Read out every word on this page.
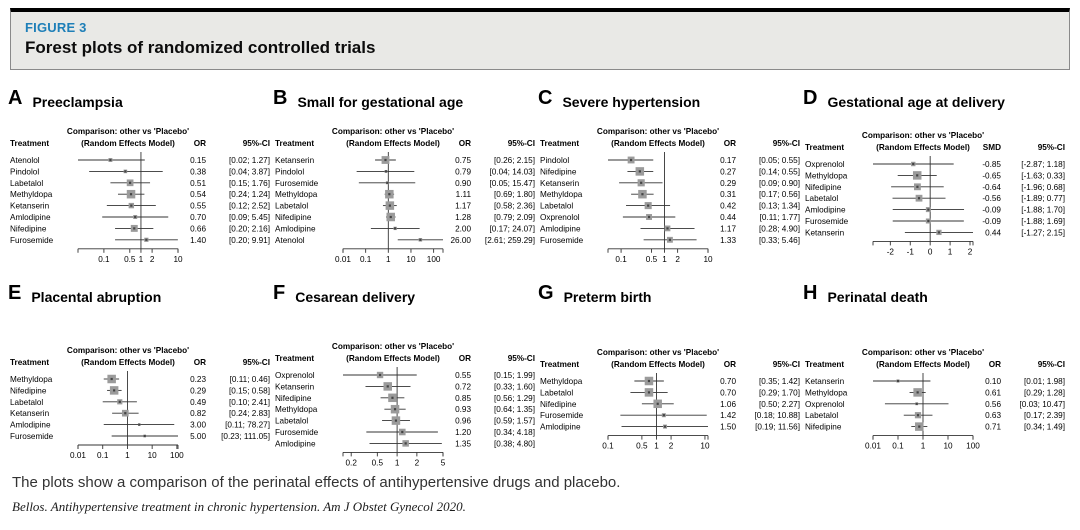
FIGURE 3
Forest plots of randomized controlled trials
A Preeclampsia
Comparison: other vs 'Placebo'
Treatment	(Random Effects Model) OR	95%-CI
Atenolol	0.15	[0.02; 1.27]
Pindolol	0.38	[0.04; 3.87]
Labetalol	0.51	[0.15; 1.76]
Methyldopa	0.54	[0.24; 1.24]
Ketanserin	0.55	[0.12; 2.52]
Amlodipine	0.70	[0.09; 5.45]
Nifedipine	0.66	[0.20; 2.16]
Furosemide	1.40	[0.20; 9.91]
0.1 0.5 1 2 10
B Small for gestational age
Comparison: other vs 'Placebo'
Treatment	(Random Effects Model) OR	95%-CI
Ketanserin	0.75	[0.26; 2.15]
Pindolol	0.79 [0.04; 14.03]
Furosemide	0.90 [0.05; 15.47]
Methyldopa	1.11	[0.69; 1.80]
Labetalol	1.17	[0.58; 2.36]
Nifedipine	1.28	[0.79; 2.09]
Amlodipine	2.00 [0.17; 24.07]
Atenolol	26.00 [2.61; 259.29]
0.01 0.1 1 10 100
C Severe hypertension
Comparison: other vs 'Placebo'
Treatment	(Random Effects Model) OR	95%-CI
Pindolol	0.17	[0.05; 0.55]
Nifedipine	0.27	[0.14; 0.55]
Ketanserin	0.29	[0.09; 0.90]
Methyldopa	0.31	[0.17; 0.56]
Labetalol	0.42	[0.13; 1.34]
Oxprenolol	0.44	[0.11; 1.77]
Amlodipine	1.17	[0.28; 4.90]
Furosemide	1.33	[0.33; 5.46]
0.1 0.5 1 2	10
D Gestational age at delivery
Comparison: other vs 'Placebo'
Treatment	(Random Effects Model) SMD	95%-CI
Oxprenolol	-0.85 [-2.87; 1.18]
Methyldopa	-0.65 [-1.63; 0.33]
Nifedipine	-0.64 [-1.96; 0.68]
Labetalol	-0.56 [-1.89; 0.77]
Amlodipine	-0.09 [-1.88; 1.70]
Furosemide	-0.09 [-1.88; 1.69]
Ketanserin	0.44 [-1.27; 2.15]
-2 -1 0 1 2
E Placental abruption
Comparison: other vs 'Placebo'
Treatment	(Random Effects Model) OR	95%-CI
Methyldopa	0.23	[0.11; 0.46]
Nifedipine	0.29	[0.15; 0.58]
Labetalol	0.49	[0.10; 2.41]
Ketanserin	0.82	[0.24; 2.83]
Amlodipine	3.00 [0.11; 78.27]
Furosemide	5.00 [0.23; 111.05]
0.01 0.1 1 10 100
F Cesarean delivery
Comparison: other vs 'Placebo'
Treatment	(Random Effects Model) OR	95%-CI
Oxprenolol	0.55	[0.15; 1.99]
Ketanserin	0.72	[0.33; 1.60]
Nifedipine	0.85	[0.56; 1.29]
Methyldopa	0.93	[0.64; 1.35]
Labetalol	0.96	[0.59; 1.57]
Furosemide	1.20	[0.34; 4.18]
Amlodipine	1.35	[0.38; 4.80]
0.2 0.5 1 2	5
G Preterm birth
Comparison: other vs 'Placebo'
Treatment	(Random Effects Model) OR	95%-CI
Methyldopa	0.70	[0.35; 1.42]
Labetalol	0.70	[0.29; 1.70]
Nifedipine	1.06	[0.50; 2.27]
Furosemide	1.42 [0.18; 10.88]
Amlodipine	1.50 [0.19; 11.56]
0.1	0.5 1 2	10
H Perinatal death
Comparison: other vs 'Placebo'
Treatment	(Random Effects Model) OR	95%-CI
Ketanserin	0.10	[0.01; 1.98]
Methyldopa	0.61	[0.29; 1.28]
Oxprenolol	0.56 [0.03; 10.47]
Labetalol	0.63	[0.17; 2.39]
Nifedipine	0.71	[0.34; 1.49]
0.01 0.1 1 10 100
The plots show a comparison of the perinatal effects of antihypertensive drugs and placebo.
Bellos. Antihypertensive treatment in chronic hypertension. Am J Obstet Gynecol 2020.
